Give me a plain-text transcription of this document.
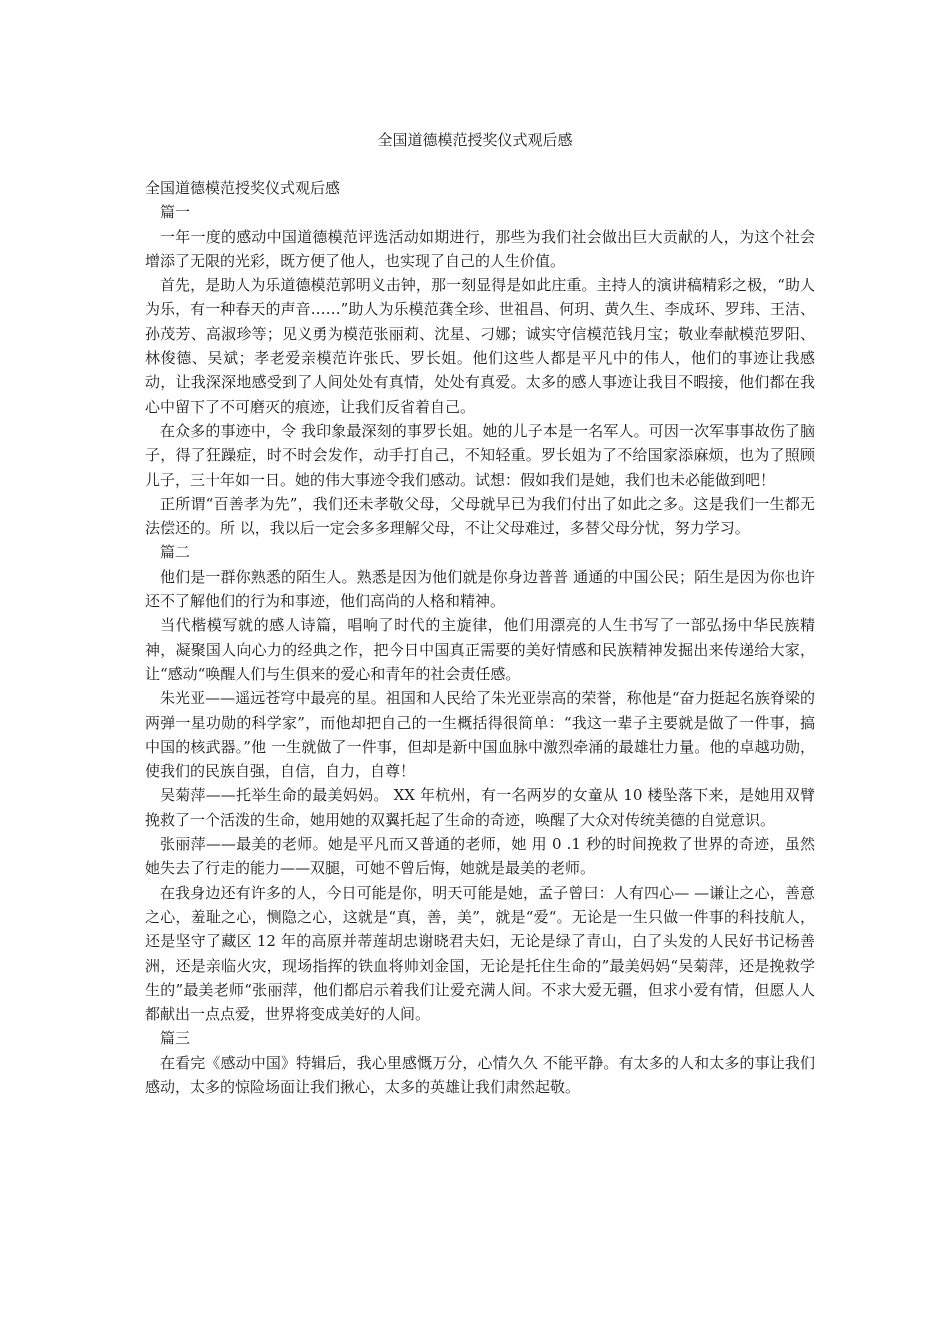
全国道德模范授奖仪式观后感

全国道德模范授奖仪式观后感

篇一

一年一度的感动中国道德模范评选活动如期进行，那些为我们社会做出巨大贡献的人，为这个社会增添了无限的光彩，既方便了他人，也实现了自己的人生价值。

首先，是助人为乐道德模范郭明义击钟，那一刻显得是如此庄重。主持人的演讲稿精彩之极，“助人为乐，有一种春天的声音……”助人为乐模范龚全珍、世祖昌、何玥、黄久生、李成环、罗玮、王洁、孙茂芳、高淑珍等；见义勇为模范张丽莉、沈星、刁娜；诚实守信模范钱月宝；敬业奉献模范罗阳、林俊德、吴斌；孝老爱亲模范许张氏、罗长姐。他们这些人都是平凡中的伟人，他们的事迹让我感动，让我深深地感受到了人间处处有真情，处处有真爱。太多的感人事迹让我目不暇接，他们都在我心中留下了不可磨灭的痕迹，让我们反省着自己。

在众多的事迹中，令 我印象最深刻的事罗长姐。她的儿子本是一名军人。可因一次军事事故伤了脑子，得了狂躁症，时不时会发作，动手打自己，不知轻重。罗长姐为了不给国家添麻烦，也为了照顾儿子，三十年如一日。她的伟大事迹令我们感动。试想：假如我们是她，我们也未必能做到吧！

正所谓“百善孝为先”，我们还未孝敬父母，父母就早已为我们付出了如此之多。这是我们一生都无法偿还的。所 以，我以后一定会多多理解父母，不让父母难过，多替父母分忧，努力学习。

篇二

他们是一群你熟悉的陌生人。熟悉是因为他们就是你身边普普 通通的中国公民；陌生是因为你也许还不了解他们的行为和事迹，他们高尚的人格和精神。

当代楷模写就的感人诗篇，唱响了时代的主旋律，他们用漂亮的人生书写了一部弘扬中华民族精神，凝聚国人向心力的经典之作，把今日中国真正需要的美好情感和民族精神发掘出来传递给大家，让“感动“唤醒人们与生俱来的爱心和青年的社会责任感。

朱光亚——遥远苍穹中最亮的星。祖国和人民给了朱光亚崇高的荣誉，称他是“奋力挺起名族脊梁的两弹一星功勋的科学家”，而他却把自己的一生概括得很简单：“我这一辈子主要就是做了一件事，搞中国的核武器。”他 一生就做了一件事，但却是新中国血脉中激烈牵涌的最雄壮力量。他的卓越功勋，使我们的民族自强，自信，自力，自尊！

吴菊萍——托举生命的最美妈妈。 XX 年杭州，有一名两岁的女童从 10 楼坠落下来，是她用双臂挽救了一个活泼的生命，她用她的双翼托起了生命的奇迹，唤醒了大众对传统美德的自觉意识。

张丽萍——最美的老师。她是平凡而又普通的老师，她 用 0 .1 秒的时间挽救了世界的奇迹，虽然她失去了行走的能力——双腿，可她不曾后悔，她就是最美的老师。

在我身边还有许多的人，今日可能是你，明天可能是她，孟子曾曰：人有四心— —谦让之心，善意之心，羞耻之心，恻隐之心，这就是“真，善，美”，就是“爱“。无论是一生只做一件事的科技航人，还是坚守了藏区 12 年的高原并蒂莲胡忠谢晓君夫妇，无论是绿了青山，白了头发的人民好书记杨善洲，还是亲临火灾，现场指挥的铁血将帅刘金国，无论是托住生命的”最美妈妈“吴菊萍，还是挽救学生的”最美老师“张丽萍，他们都启示着我们让爱充满人间。不求大爱无疆，但求小爱有情，但愿人人都献出一点点爱，世界将变成美好的人间。

篇三

在看完《感动中国》特辑后，我心里感慨万分，心情久久 不能平静。有太多的人和太多的事让我们感动，太多的惊险场面让我们揪心，太多的英雄让我们肃然起敬。
